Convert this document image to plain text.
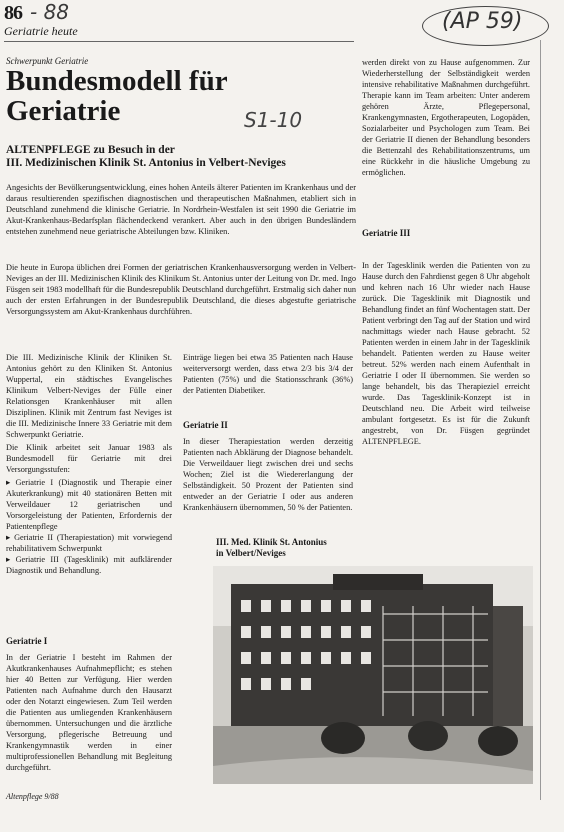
86 - 88
Geriatrie heute	(AP 59)
S1-10
Schwerpunkt Geriatrie
Bundesmodell für Geriatrie
ALTENPFLEGE zu Besuch in der
III. Medizinischen Klinik St. Antonius in Velbert-Neviges
Angesichts der Bevölkerungsentwicklung, eines hohen Anteils älterer Patienten im Krankenhaus und der daraus resultierenden spezifischen diagnostischen und therapeutischen Maßnahmen, etabliert sich in Deutschland zunehmend die klinische Geriatrie. In Nordrhein-Westfalen ist seit 1990 die Geriatrie im Akut-Krankenhaus-Bedarfsplan flächendeckend verankert. Aber auch in den übrigen Bundesländern entstehen zunehmend neue geriatrische Abteilungen bzw. Kliniken.
Die heute in Europa üblichen drei Formen der geriatrischen Krankenhausversorgung werden in Velbert-Neviges an der III. Medizinischen Klinik des Klinikum St. Antonius unter der Leitung von Dr. med. Ingo Füsgen seit 1983 modellhaft für die Bundesrepublik Deutschland durchgeführt. Erstmalig sich daher nun auch der ersten Erfahrungen in der Bundesrepublik Deutschland, die dieses abgestufte geriatrische Versorgungssystem am Akut-Krankenhaus durchführen.

Die III. Medizinische Klinik der Kliniken St. Antonius gehört zu den Kliniken St. Antonius Wuppertal, ein städtisches Evangelisches Klinikum Velbert-Neviges der Fülle einer Relationsgen Krankenhäuser mit allen Disziplinen. Klinik mit Zentrum fast Neviges ist die III. Medizinische Innere 33 Geriatrie mit dem Schwerpunkt Geriatrie.

Die Klinik arbeitet seit Januar 1983 als Bundesmodell für Geriatrie mit drei Versorgungsstufen:

▸ Geriatrie I (Diagnostik und Therapie einer Akuterkrankung) mit 40 stationären Betten mit Verweildauer 12 geriatrischen und Vorsorgeleistung der Patienten, Erfordernis der Patientenpflege

▸ Geriatrie II (Therapiestation) mit vorwiegend rehabilitativem Schwerpunkt

▸ Geriatrie III (Tagesklinik) mit aufklärender Diagnostik und Behandlung.

Geriatrie I
In der Geriatrie I besteht im Rahmen der Akutkrankenhauses Aufnahmepflicht; es stehen hier 40 Betten zur Verfügung. Hier werden Patienten nach Aufnahme durch den Hausarzt oder den Notarzt eingewiesen. Zum Teil werden die Patienten aus umliegenden Krankenhäusern übernommen. Untersuchungen und die ärztliche Versorgung, pflegerische Betreuung und Krankengymnastik werden in einer multiprofessionellen Behandlung mit Begleitung durchgeführt.
Einträge liegen bei etwa 35 Patienten nach Hause weiterversorgt werden, dass etwa 2/3 bis 3/4 der Patienten (75%) und die Stationsschrank (36%) der Patienten Diabetiker.
Geriatrie II
In dieser Therapiestation werden derzeitig Patienten nach Abklärung der Diagnose behandelt. Die Verweildauer liegt zwischen drei und sechs Wochen; Ziel ist die Wiedererlangung der Selbständigkeit. 50 Prozent der Patienten sind entweder an der Geriatrie I oder aus anderen Krankenhäusern übernommen, 50 % der Patienten.
III. Med. Klinik St. Antonius
in Velbert/Neviges
werden direkt von zu Hause aufgenommen. Zur Wiederherstellung der Selbständigkeit werden intensive rehabilitative Maßnahmen durchgeführt. Therapie kann im Team arbeiten: Unter anderem gehören Ärzte, Pflegepersonal, Krankengymnasten, Ergotherapeuten, Logopäden, Sozialarbeiter und Psychologen zum Team. Bei der Geriatrie II dienen der Behandlung besonders die Bettenzahl des Rehabilitationszentrums, um eine Rückkehr in die häusliche Umgebung zu ermöglichen.
Geriatrie III
In der Tagesklinik werden die Patienten von zu Hause durch den Fahrdienst gegen 8 Uhr abgeholt und kehren nach 16 Uhr wieder nach Hause zurück. Die Tagesklinik mit Diagnostik und Behandlung findet an fünf Wochentagen statt. Der Patient verbringt den Tag auf der Station und wird nachmittags wieder nach Hause gebracht. 52 Patienten werden in einem Jahr in der Tagesklinik behandelt. Patienten werden zu Hause weiter betreut. 52% werden nach einem Aufenthalt in Geriatrie I oder II übernommen. Sie werden so lange behandelt, bis das Therapieziel erreicht wurde. Das Tagesklinik-Konzept ist in Deutschland neu. Die Arbeit wird teilweise ambulant fortgesetzt. Es ist für die Zukunft angestrebt, von Dr. Füsgen gegründet ALTENPFLEGE.
Altenpflege 9/88
